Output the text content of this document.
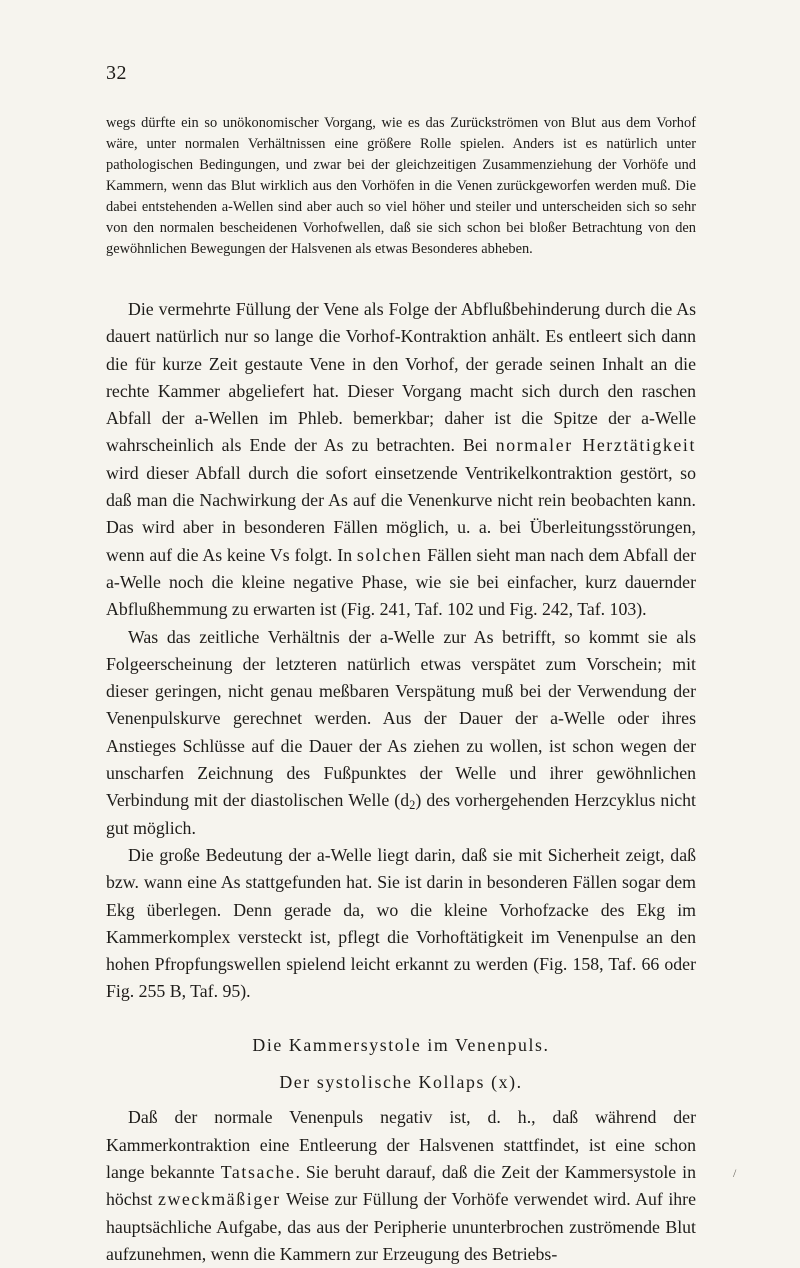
32

wegs dürfte ein so unökonomischer Vorgang, wie es das Zurückströmen von Blut aus dem Vorhof wäre, unter normalen Verhältnissen eine größere Rolle spielen. Anders ist es natürlich unter pathologischen Bedingungen, und zwar bei der gleichzeitigen Zusammenziehung der Vorhöfe und Kammern, wenn das Blut wirklich aus den Vorhöfen in die Venen zurückgeworfen werden muß. Die dabei entstehenden a-Wellen sind aber auch so viel höher und steiler und unterscheiden sich so sehr von den normalen bescheidenen Vorhofwellen, daß sie sich schon bei bloßer Betrachtung von den gewöhnlichen Bewegungen der Halsvenen als etwas Besonderes abheben.

Die vermehrte Füllung der Vene als Folge der Abflußbehinderung durch die As dauert natürlich nur so lange die Vorhof-Kontraktion anhält. Es entleert sich dann die für kurze Zeit gestaute Vene in den Vorhof, der gerade seinen Inhalt an die rechte Kammer abgeliefert hat. Dieser Vorgang macht sich durch den raschen Abfall der a-Wellen im Phleb. bemerkbar; daher ist die Spitze der a-Welle wahrscheinlich als Ende der As zu betrachten. Bei normaler Herztätigkeit wird dieser Abfall durch die sofort einsetzende Ventrikelkontraktion gestört, so daß man die Nachwirkung der As auf die Venenkurve nicht rein beobachten kann. Das wird aber in besonderen Fällen möglich, u. a. bei Überleitungsstörungen, wenn auf die As keine Vs folgt. In solchen Fällen sieht man nach dem Abfall der a-Welle noch die kleine negative Phase, wie sie bei einfacher, kurz dauernder Abflußhemmung zu erwarten ist (Fig. 241, Taf. 102 und Fig. 242, Taf. 103).

Was das zeitliche Verhältnis der a-Welle zur As betrifft, so kommt sie als Folgeerscheinung der letzteren natürlich etwas verspätet zum Vorschein; mit dieser geringen, nicht genau meßbaren Verspätung muß bei der Verwendung der Venenpulskurve gerechnet werden. Aus der Dauer der a-Welle oder ihres Anstieges Schlüsse auf die Dauer der As ziehen zu wollen, ist schon wegen der unscharfen Zeichnung des Fußpunktes der Welle und ihrer gewöhnlichen Verbindung mit der diastolischen Welle $(d_2)$ des vorhergehenden Herzcyklus nicht gut möglich.

Die große Bedeutung der a-Welle liegt darin, daß sie mit Sicherheit zeigt, daß bzw. wann eine As stattgefunden hat. Sie ist darin in besonderen Fällen sogar dem Ekg überlegen. Denn gerade da, wo die kleine Vorhofzacke des Ekg im Kammerkomplex versteckt ist, pflegt die Vorhoftätigkeit im Venenpulse an den hohen Pfropfungswellen spielend leicht erkannt zu werden (Fig. 158, Taf. 66 oder Fig. 255 B, Taf. 95).

Die Kammersystole im Venenpuls.

Der systolische Kollaps (x).

Daß der normale Venenpuls negativ ist, d. h., daß während der Kammerkontraktion eine Entleerung der Halsvenen stattfindet, ist eine schon lange bekannte Tatsache. Sie beruht darauf, daß die Zeit der Kammersystole in höchst zweckmäßiger Weise zur Füllung der Vorhöfe verwendet wird. Auf ihre hauptsächliche Aufgabe, das aus der Peripherie ununterbrochen zuströmende Blut aufzunehmen, wenn die Kammern zur Erzeugung des Betriebs-

/
